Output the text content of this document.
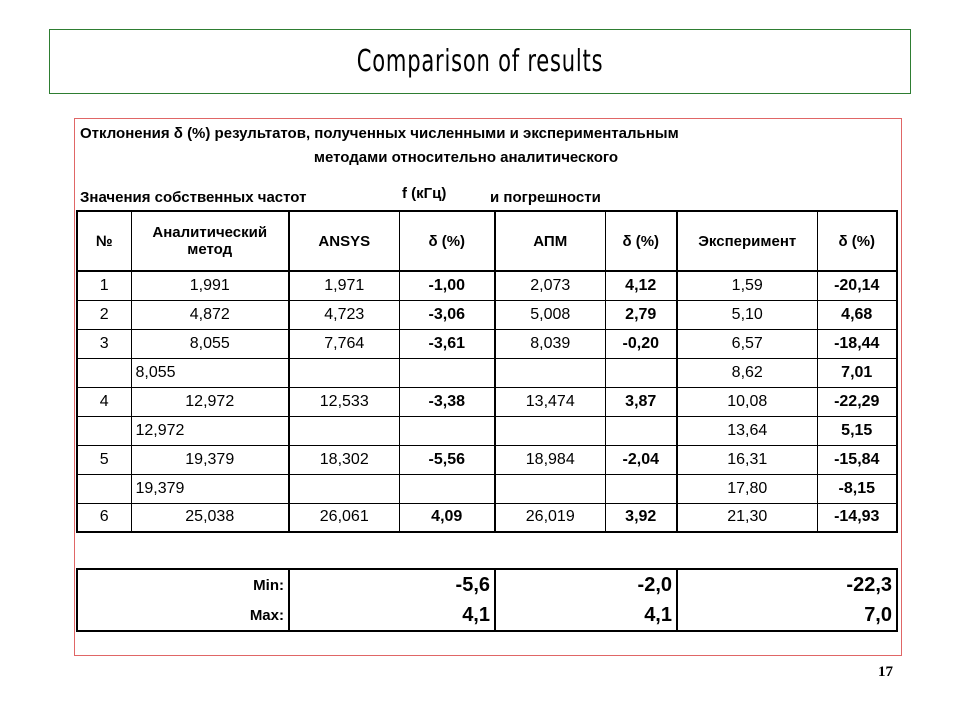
Comparison of results
Отклонения δ (%) результатов, полученных численными и экспериментальным
методами относительно аналитического
Значения собственных частот	f (кГц)	и погрешности
№	Аналитический метод	ANSYS	δ (%)	АПМ	δ (%)	Эксперимент	δ (%)
1	1,991	1,971	-1,00	2,073	4,12	1,59	-20,14
2	4,872	4,723	-3,06	5,008	2,79	5,10	4,68
3	8,055	7,764	-3,61	8,039	-0,20	6,57	-18,44
	8,055					8,62	7,01
4	12,972	12,533	-3,38	13,474	3,87	10,08	-22,29
	12,972					13,64	5,15
5	19,379	18,302	-5,56	18,984	-2,04	16,31	-15,84
	19,379					17,80	-8,15
6	25,038	26,061	4,09	26,019	3,92	21,30	-14,93
Min:	-5,6	-2,0	-22,3
Max:	4,1	4,1	7,0
17
